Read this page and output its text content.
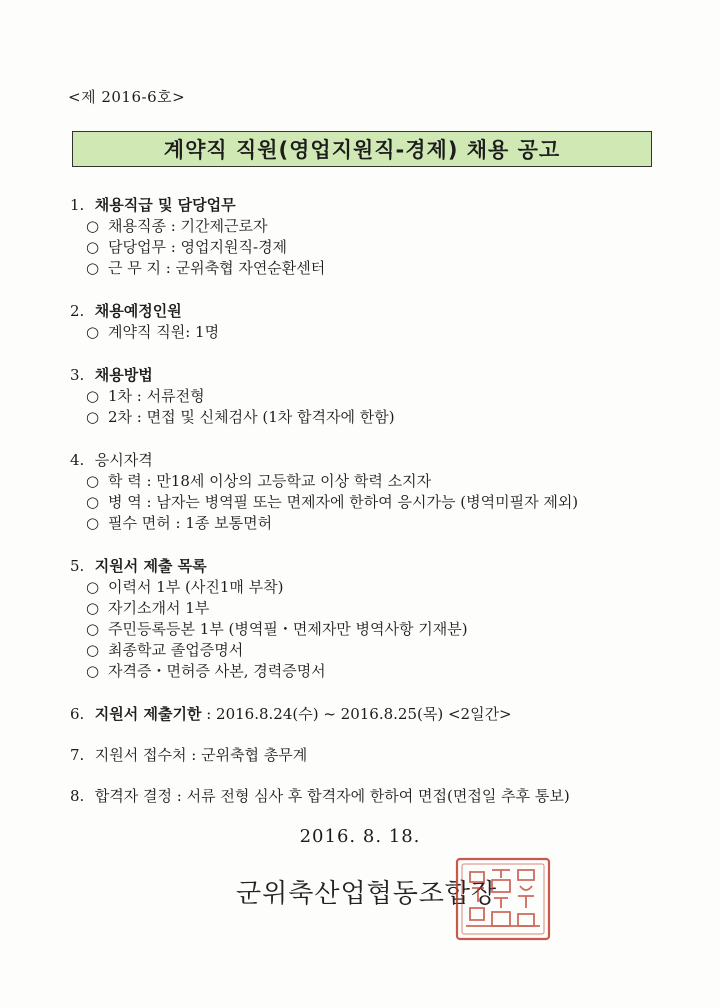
<제 2016-6호>
계약직 직원(영업지원직-경제) 채용 공고
1. 채용직급 및 담당업무
○ 채용직종 : 기간제근로자
○ 담당업무 : 영업지원직-경제
○ 근 무 지 : 군위축협 자연순환센터
2. 채용예정인원
○ 계약직 직원: 1명
3. 채용방법
○ 1차 : 서류전형
○ 2차 : 면접 및 신체검사 (1차 합격자에 한함)
4. 응시자격
○ 학 력 : 만18세 이상의 고등학교 이상 학력 소지자
○ 병 역 : 남자는 병역필 또는 면제자에 한하여 응시가능 (병역미필자 제외)
○ 필수 면허 : 1종 보통면허
5. 지원서 제출 목록
○ 이력서 1부 (사진1매 부착)
○ 자기소개서 1부
○ 주민등록등본 1부 (병역필・면제자만 병역사항 기재분)
○ 최종학교 졸업증명서
○ 자격증・면허증 사본, 경력증명서
6. 지원서 제출기한 : 2016.8.24(수) ~ 2016.8.25(목) <2일간>
7. 지원서 접수처 : 군위축협 총무계
8. 합격자 결정 : 서류 전형 심사 후 합격자에 한하여 면접(면접일 추후 통보)
2016. 8. 18.
군위축산업협동조합장
